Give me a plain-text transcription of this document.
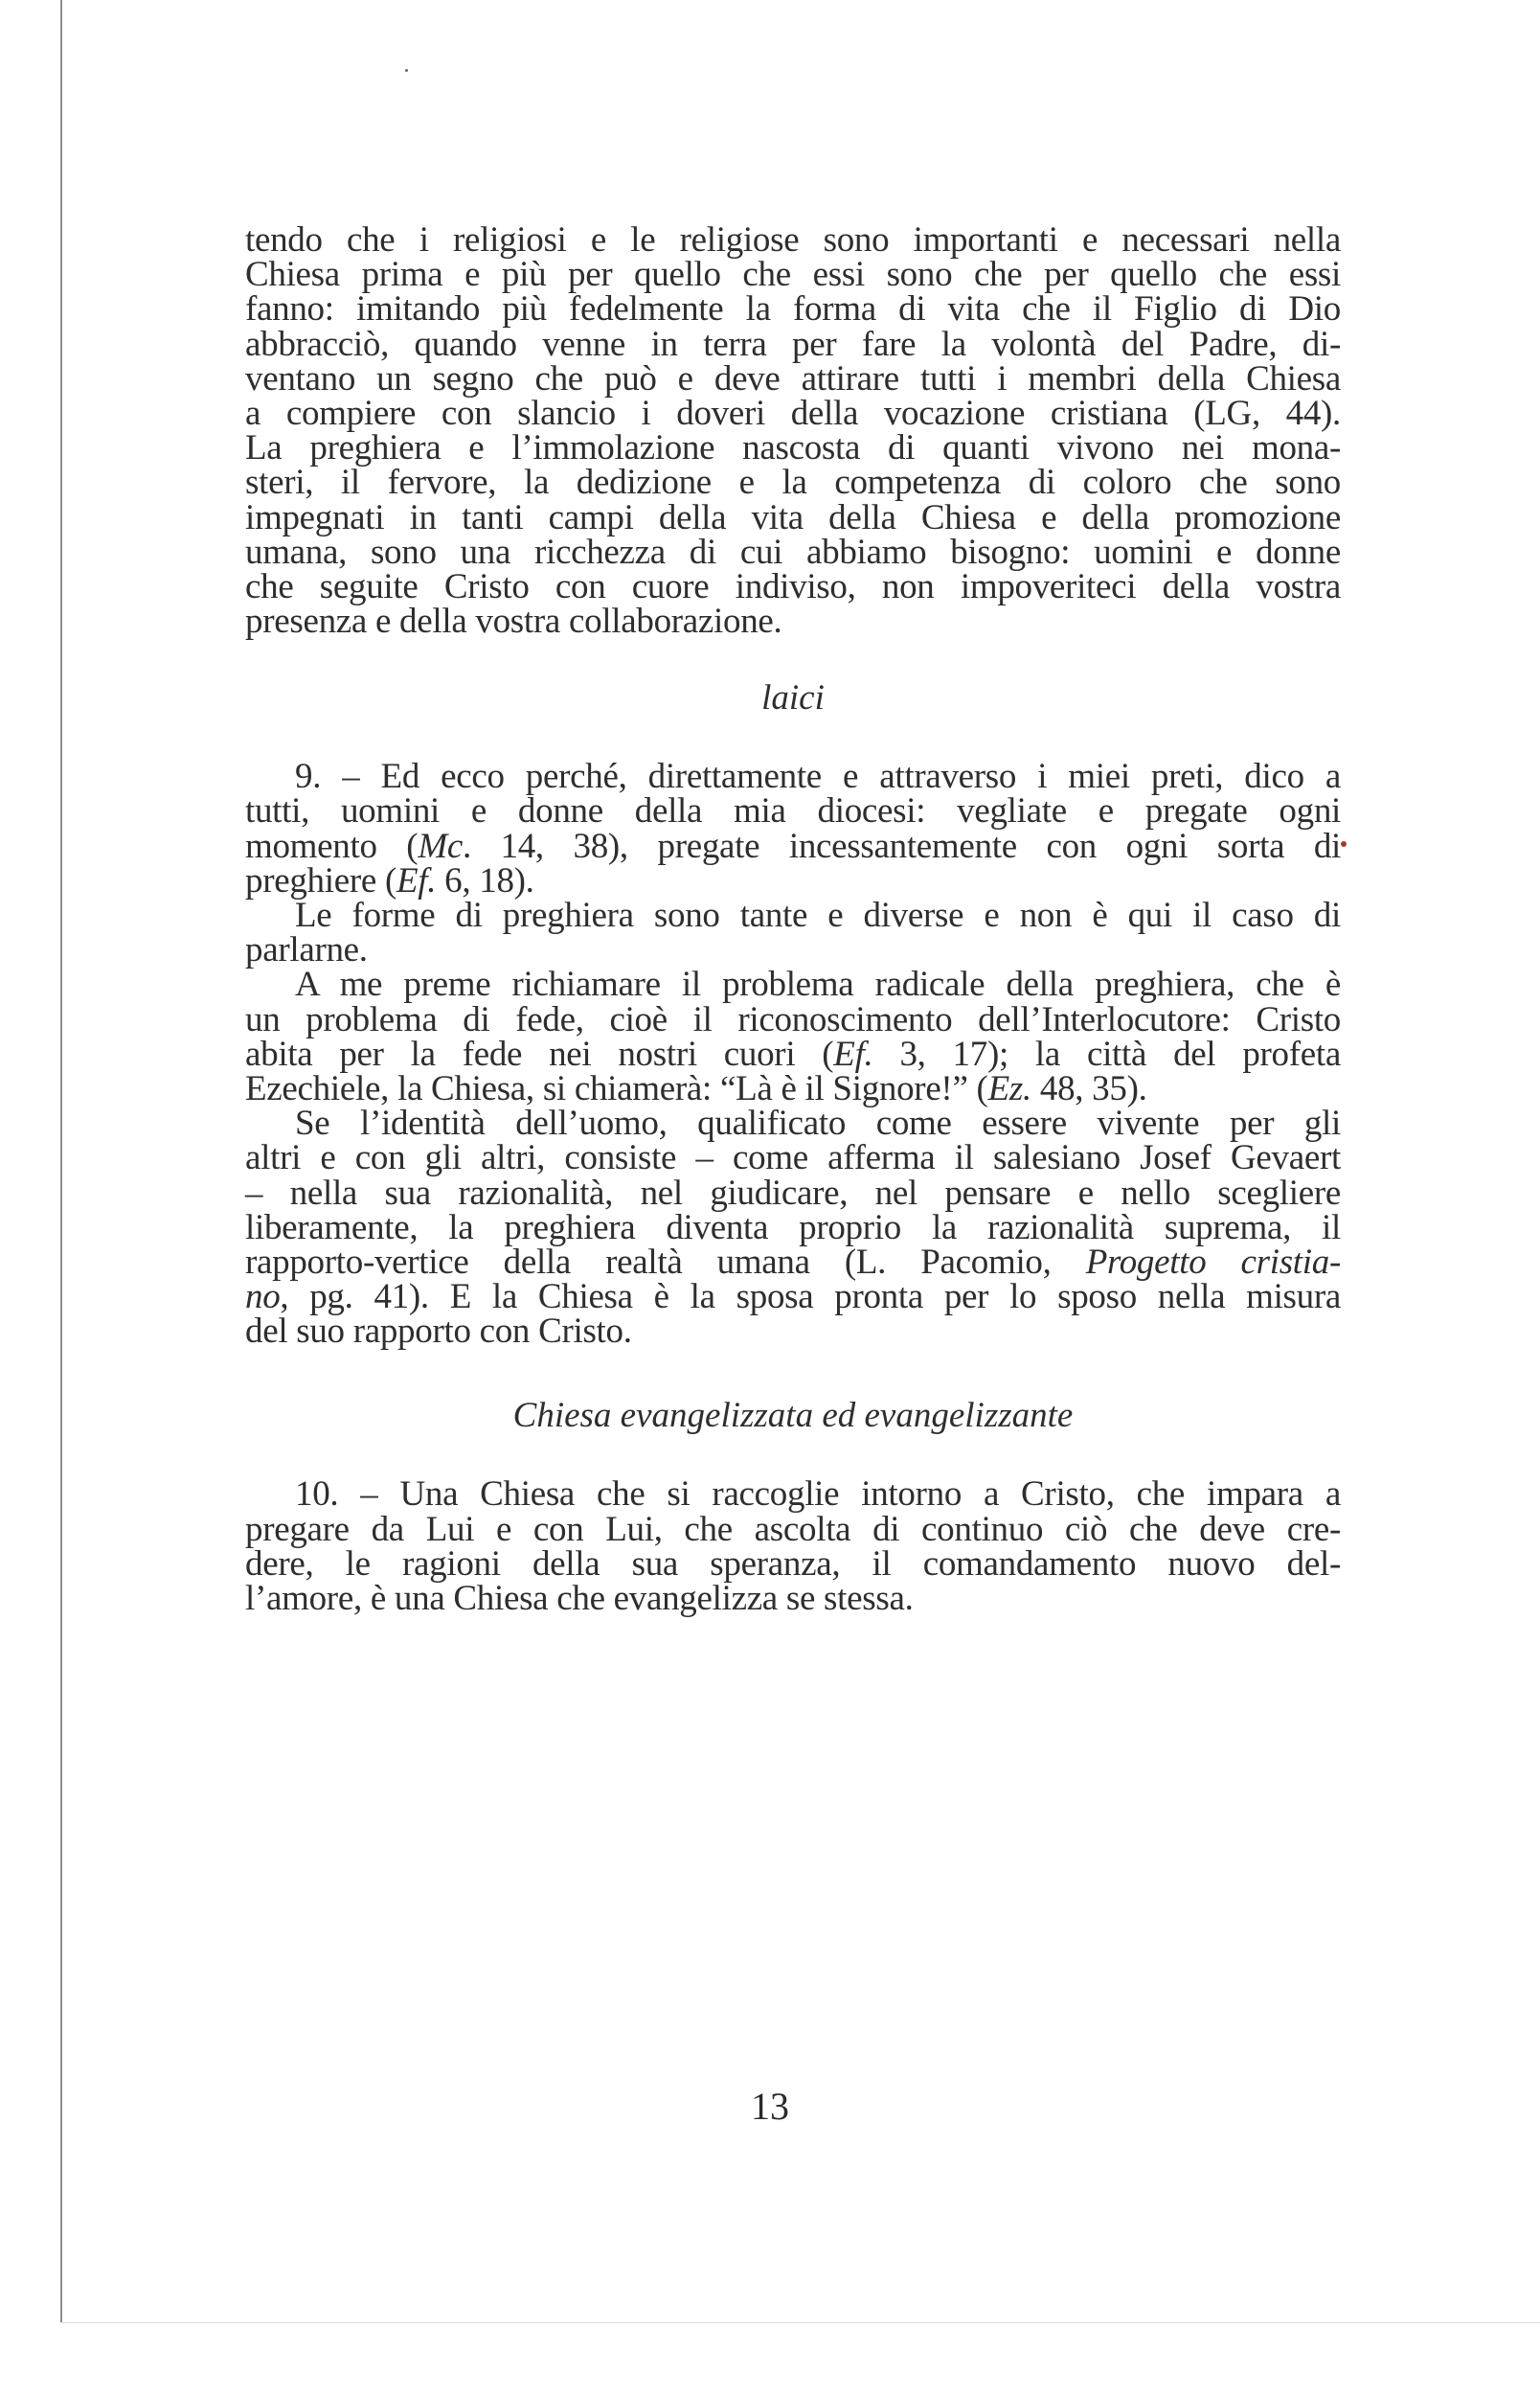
tendo che i religiosi e le religiose sono importanti e necessari nella
Chiesa prima e più per quello che essi sono che per quello che essi
fanno: imitando più fedelmente la forma di vita che il Figlio di Dio
abbracciò, quando venne in terra per fare la volontà del Padre, di-
ventano un segno che può e deve attirare tutti i membri della Chiesa
a compiere con slancio i doveri della vocazione cristiana (LG, 44).
La preghiera e l’immolazione nascosta di quanti vivono nei mona-
steri, il fervore, la dedizione e la competenza di coloro che sono
impegnati in tanti campi della vita della Chiesa e della promozione
umana, sono una ricchezza di cui abbiamo bisogno: uomini e donne
che seguite Cristo con cuore indiviso, non impoveriteci della vostra
presenza e della vostra collaborazione.
laici
9. – Ed ecco perché, direttamente e attraverso i miei preti, dico a
tutti, uomini e donne della mia diocesi: vegliate e pregate ogni
momento (Mc. 14, 38), pregate incessantemente con ogni sorta di
preghiere (Ef. 6, 18).
Le forme di preghiera sono tante e diverse e non è qui il caso di
parlarne.
A me preme richiamare il problema radicale della preghiera, che è
un problema di fede, cioè il riconoscimento dell’Interlocutore: Cristo
abita per la fede nei nostri cuori (Ef. 3, 17); la città del profeta
Ezechiele, la Chiesa, si chiamerà: “Là è il Signore!” (Ez. 48, 35).
Se l’identità dell’uomo, qualificato come essere vivente per gli
altri e con gli altri, consiste – come afferma il salesiano Josef Gevaert
– nella sua razionalità, nel giudicare, nel pensare e nello scegliere
liberamente, la preghiera diventa proprio la razionalità suprema, il
rapporto-vertice della realtà umana (L. Pacomio, Progetto cristia-
no, pg. 41). E la Chiesa è la sposa pronta per lo sposo nella misura
del suo rapporto con Cristo.
Chiesa evangelizzata ed evangelizzante
10. – Una Chiesa che si raccoglie intorno a Cristo, che impara a
pregare da Lui e con Lui, che ascolta di continuo ciò che deve cre-
dere, le ragioni della sua speranza, il comandamento nuovo del-
l’amore, è una Chiesa che evangelizza se stessa.
13
